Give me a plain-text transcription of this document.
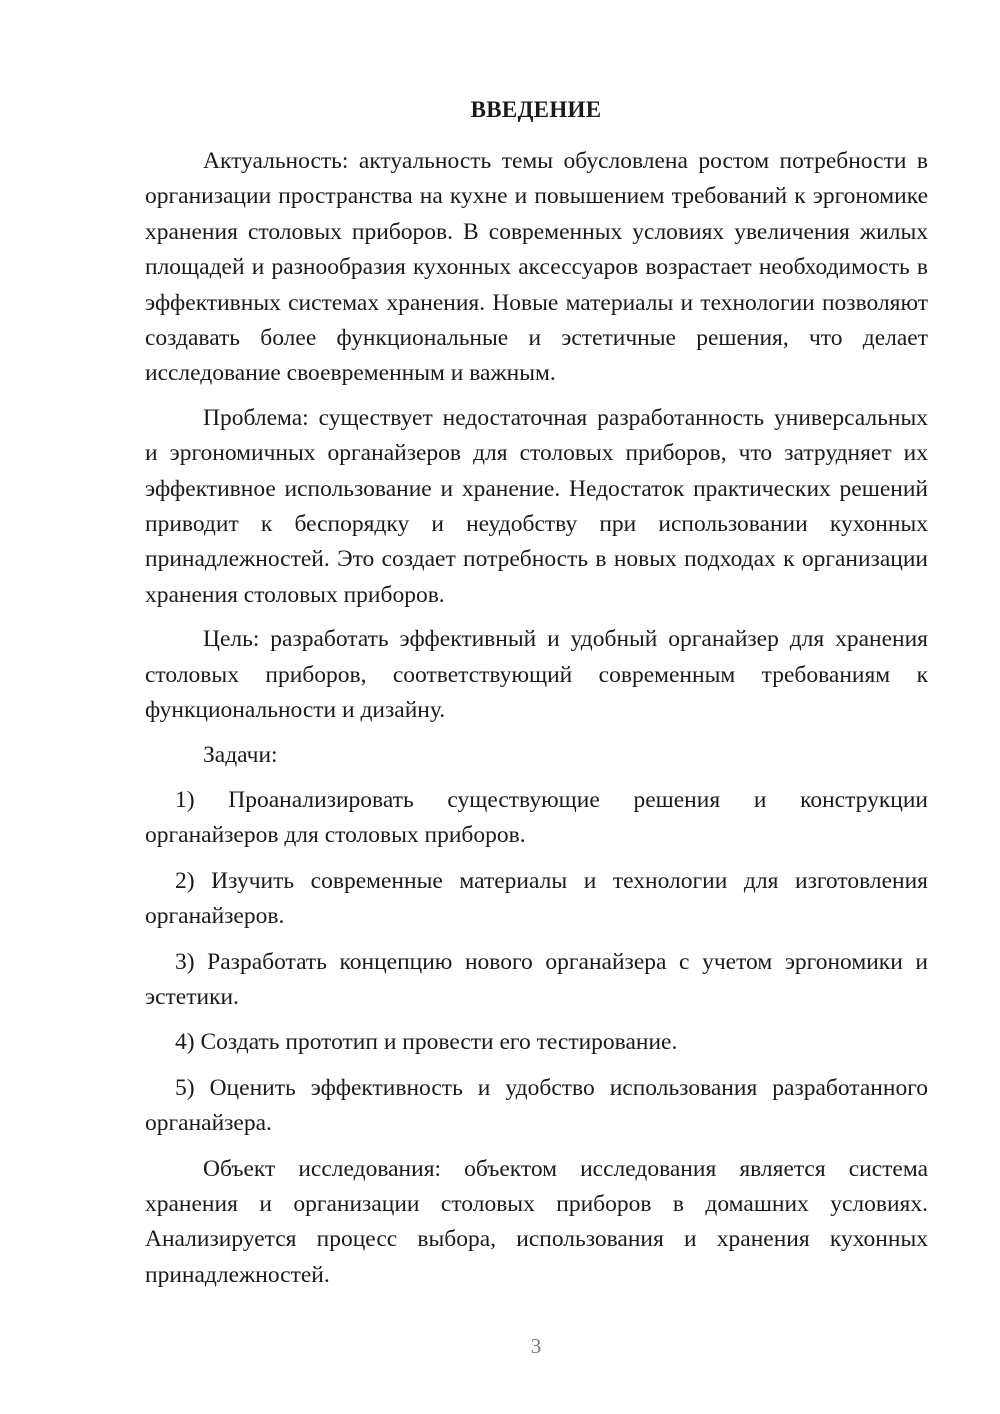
ВВЕДЕНИЕ

Актуальность: актуальность темы обусловлена ростом потребности в организации пространства на кухне и повышением требований к эргономике хранения столовых приборов. В современных условиях увеличения жилых площадей и разнообразия кухонных аксессуаров возрастает необходимость в эффективных системах хранения. Новые материалы и технологии позволяют создавать более функциональные и эстетичные решения, что делает исследование своевременным и важным.

Проблема: существует недостаточная разработанность универсальных и эргономичных органайзеров для столовых приборов, что затрудняет их эффективное использование и хранение. Недостаток практических решений приводит к беспорядку и неудобству при использовании кухонных принадлежностей. Это создает потребность в новых подходах к организации хранения столовых приборов.

Цель: разработать эффективный и удобный органайзер для хранения столовых приборов, соответствующий современным требованиям к функциональности и дизайну.

Задачи:

1) Проанализировать существующие решения и конструкции органайзеров для столовых приборов.

2) Изучить современные материалы и технологии для изготовления органайзеров.

3) Разработать концепцию нового органайзера с учетом эргономики и эстетики.

4) Создать прототип и провести его тестирование.

5) Оценить эффективность и удобство использования разработанного органайзера.

Объект исследования: объектом исследования является система хранения и организации столовых приборов в домашних условиях. Анализируется процесс выбора, использования и хранения кухонных принадлежностей.

3
